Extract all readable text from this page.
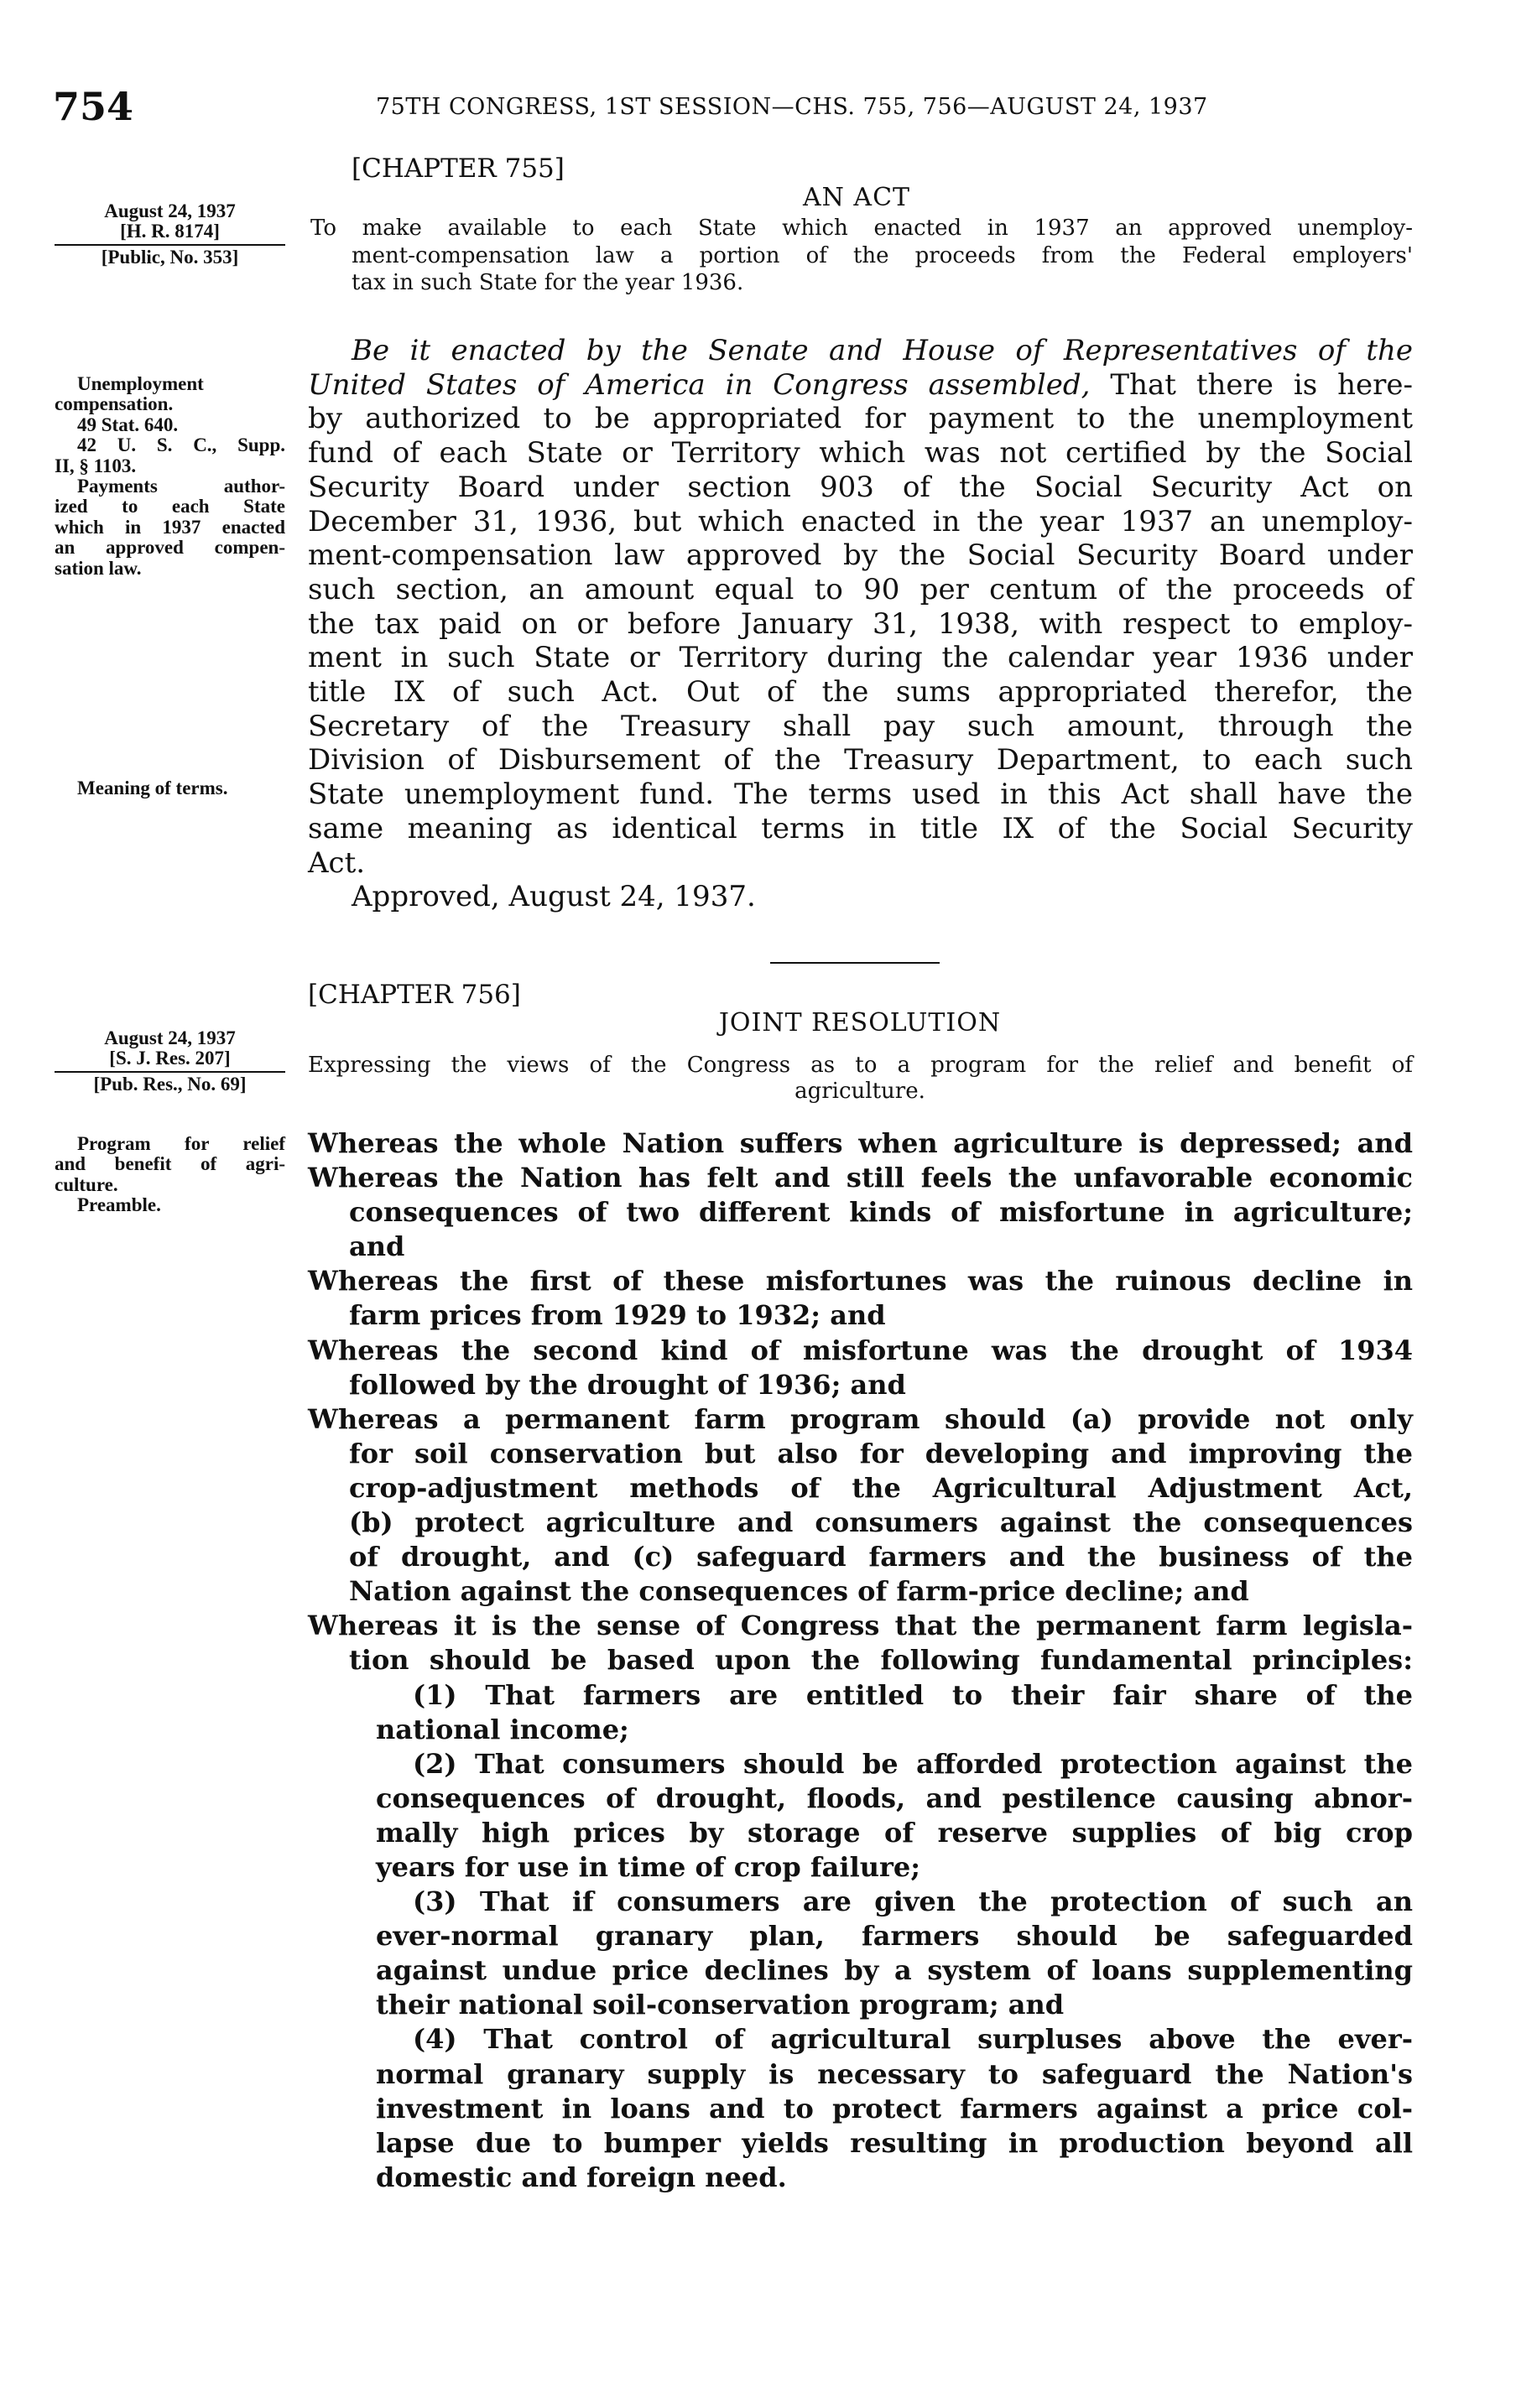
754	75TH CONGRESS, 1ST SESSION—CHS. 755, 756—AUGUST 24, 1937
[CHAPTER 755]
AN ACT
August 24, 1937
[H. R. 8174]
[Public, No. 353]
To make available to each State which enacted in 1937 an approved unemploy-
ment-compensation law a portion of the proceeds from the Federal employers'
tax in such State for the year 1936.
Be it enacted by the Senate and House of Representatives of the
United States of America in Congress assembled, That there is here-
by authorized to be appropriated for payment to the unemployment
fund of each State or Territory which was not certified by the Social
Security Board under section 903 of the Social Security Act on
December 31, 1936, but which enacted in the year 1937 an unemploy-
ment-compensation law approved by the Social Security Board under
such section, an amount equal to 90 per centum of the proceeds of
the tax paid on or before January 31, 1938, with respect to employ-
ment in such State or Territory during the calendar year 1936 under
title IX of such Act. Out of the sums appropriated therefor, the
Secretary of the Treasury shall pay such amount, through the
Division of Disbursement of the Treasury Department, to each such
State unemployment fund. The terms used in this Act shall have the
same meaning as identical terms in title IX of the Social Security
Act.
Approved, August 24, 1937.
Unemployment
compensation.
49 Stat. 640.
42 U. S. C., Supp.
II, § 1103.
Payments author-
ized to each State
which in 1937 enacted
an approved compen-
sation law.
Meaning of terms.
[CHAPTER 756]
JOINT RESOLUTION
August 24, 1937
[S. J. Res. 207]
[Pub. Res., No. 69]
Expressing the views of the Congress as to a program for the relief and benefit of
agriculture.
Program for relief
and benefit of agri-
culture.
Preamble.
Whereas the whole Nation suffers when agriculture is depressed; and
Whereas the Nation has felt and still feels the unfavorable economic
consequences of two different kinds of misfortune in agriculture;
and
Whereas the first of these misfortunes was the ruinous decline in
farm prices from 1929 to 1932; and
Whereas the second kind of misfortune was the drought of 1934
followed by the drought of 1936; and
Whereas a permanent farm program should (a) provide not only
for soil conservation but also for developing and improving the
crop-adjustment methods of the Agricultural Adjustment Act,
(b) protect agriculture and consumers against the consequences
of drought, and (c) safeguard farmers and the business of the
Nation against the consequences of farm-price decline; and
Whereas it is the sense of Congress that the permanent farm legisla-
tion should be based upon the following fundamental principles:
(1) That farmers are entitled to their fair share of the
national income;
(2) That consumers should be afforded protection against the
consequences of drought, floods, and pestilence causing abnor-
mally high prices by storage of reserve supplies of big crop
years for use in time of crop failure;
(3) That if consumers are given the protection of such an
ever-normal granary plan, farmers should be safeguarded
against undue price declines by a system of loans supplementing
their national soil-conservation program; and
(4) That control of agricultural surpluses above the ever-
normal granary supply is necessary to safeguard the Nation's
investment in loans and to protect farmers against a price col-
lapse due to bumper yields resulting in production beyond all
domestic and foreign need.
